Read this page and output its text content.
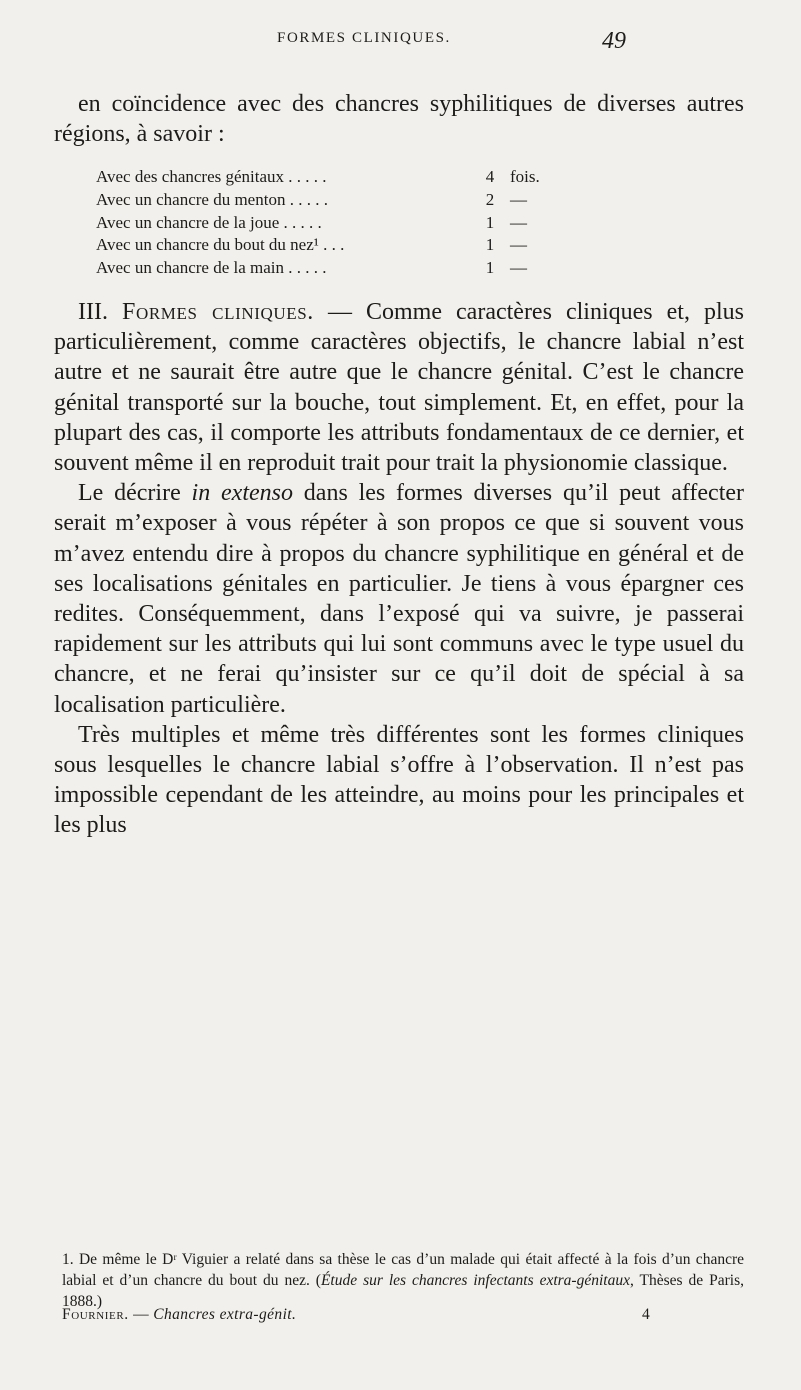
FORMES CLINIQUES.	49

en coïncidence avec des chancres syphilitiques de diverses autres régions, à savoir :

Avec des chancres génitaux . . . . .	4 fois.
Avec un chancre du menton . . . . .	2 —
Avec un chancre de la joue . . . . .	1 —
Avec un chancre du bout du nez¹ . . .	1 —
Avec un chancre de la main . . . . .	1 —

III. Formes cliniques. — Comme caractères cliniques et, plus particulièrement, comme caractères objectifs, le chancre labial n’est autre et ne saurait être autre que le chancre génital. C’est le chancre génital transporté sur la bouche, tout simplement. Et, en effet, pour la plupart des cas, il comporte les attributs fondamentaux de ce dernier, et souvent même il en reproduit trait pour trait la physionomie classique.

Le décrire in extenso dans les formes diverses qu’il peut affecter serait m’exposer à vous répéter à son propos ce que si souvent vous m’avez entendu dire à propos du chancre syphilitique en général et de ses localisations génitales en particulier. Je tiens à vous épargner ces redites. Conséquemment, dans l’exposé qui va suivre, je passerai rapidement sur les attributs qui lui sont communs avec le type usuel du chancre, et ne ferai qu’insister sur ce qu’il doit de spécial à sa localisation particulière.

Très multiples et même très différentes sont les formes cliniques sous lesquelles le chancre labial s’offre à l’observation. Il n’est pas impossible cependant de les atteindre, au moins pour les principales et les plus

1. De même le Dʳ Viguier a relaté dans sa thèse le cas d’un malade qui était affecté à la fois d’un chancre labial et d’un chancre du bout du nez. (Étude sur les chancres infectants extra-génitaux, Thèses de Paris, 1888.)

Fournier. — Chancres extra-génit.	4
